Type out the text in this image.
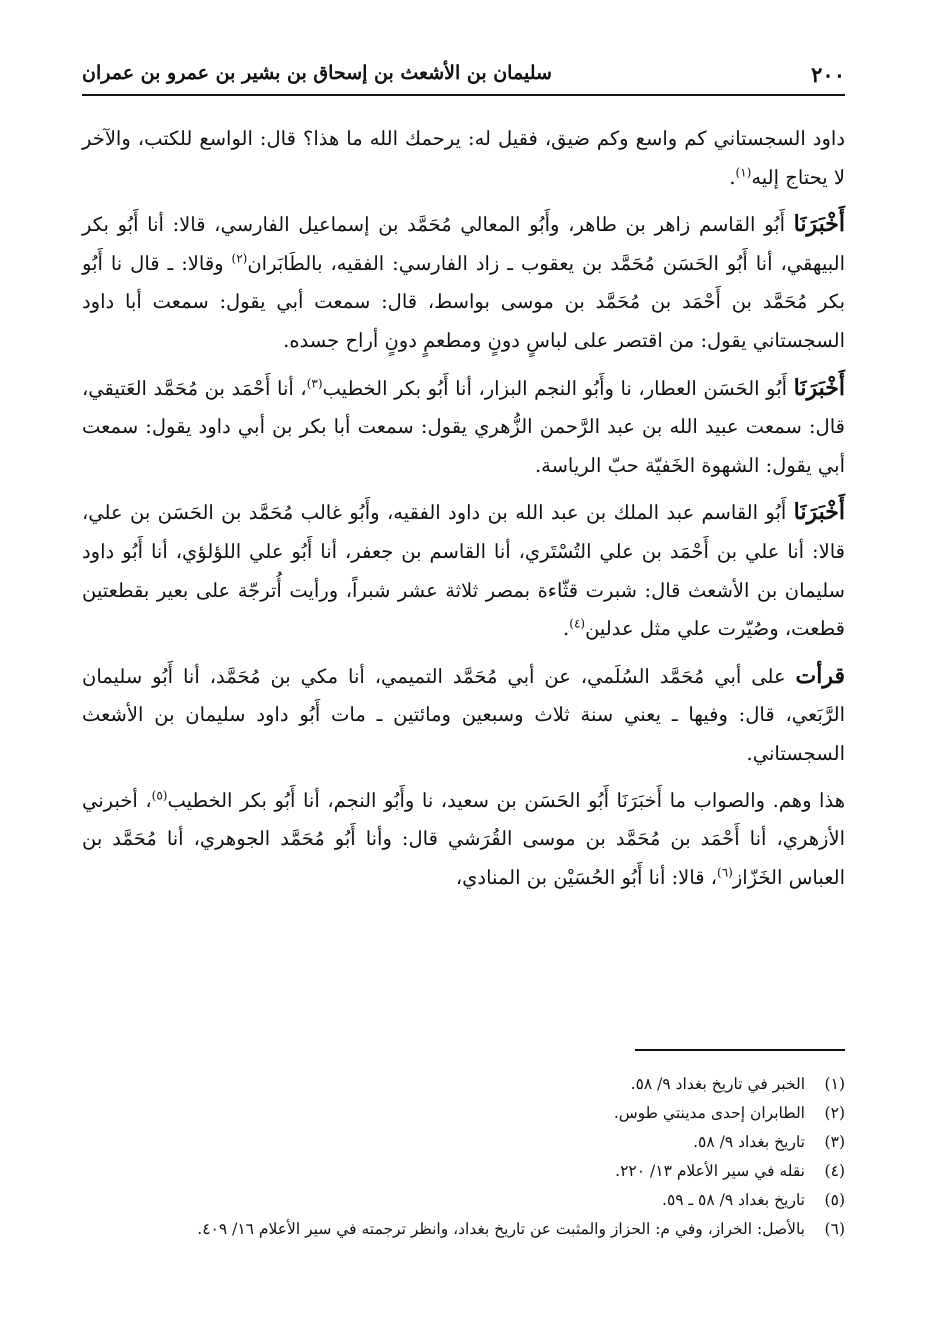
٢٠٠
سليمان بن الأشعث بن إسحاق بن بشير بن عمرو بن عمران

داود السجستاني كم واسع وكم ضيق، فقيل له: يرحمك الله ما هذا؟ قال: الواسع للكتب، والآخر لا يحتاج إليه$^{(١)}$.

أَخْبَرَنَا أَبُو القاسم زاهر بن طاهر، وأَبُو المعالي مُحَمَّد بن إسماعيل الفارسي، قالا: أنا أَبُو بكر البيهقي، أنا أَبُو الحَسَن مُحَمَّد بن يعقوب ـ زاد الفارسي: الفقيه، بالطَابَران$^{(٢)}$ وقالا: ـ قال نا أَبُو بكر مُحَمَّد بن أَحْمَد بن مُحَمَّد بن موسى بواسط، قال: سمعت أبي يقول: سمعت أبا داود السجستاني يقول: من اقتصر على لباسٍ دونٍ ومطعمٍ دونٍ أراح جسده.

أَخْبَرَنَا أَبُو الحَسَن العطار، نا وأَبُو النجم البزار، أنا أَبُو بكر الخطيب$^{(٣)}$، أنا أَحْمَد بن مُحَمَّد العَتيقي، قال: سمعت عبيد الله بن عبد الرَّحمن الزُّهري يقول: سمعت أبا بكر بن أبي داود يقول: سمعت أبي يقول: الشهوة الخَفيّة حبّ الرياسة.

أَخْبَرَنَا أَبُو القاسم عبد الملك بن عبد الله بن داود الفقيه، وأَبُو غالب مُحَمَّد بن الحَسَن بن علي، قالا: أنا علي بن أَحْمَد بن علي التُسْتَري، أنا القاسم بن جعفر، أنا أَبُو علي اللؤلؤي، أنا أَبُو داود سليمان بن الأشعث قال: شبرت قثّاءة بمصر ثلاثة عشر شبراً، ورأيت أُترجّة على بعير بقطعتين قطعت، وصُيّرت علي مثل عدلين$^{(٤)}$.

قرأت على أبي مُحَمَّد السُلَمي، عن أبي مُحَمَّد التميمي، أنا مكي بن مُحَمَّد، أنا أَبُو سليمان الرَّبَعي، قال: وفيها ـ يعني سنة ثلاث وسبعين ومائتين ـ مات أَبُو داود سليمان بن الأشعث السجستاني.

هذا وهم. والصواب ما أَخبَرَنَا أَبُو الحَسَن بن سعيد، نا وأَبُو النجم، أنا أَبُو بكر الخطيب$^{(٥)}$، أخبرني الأزهري، أنا أَحْمَد بن مُحَمَّد بن موسى القُرَشي قال: وأنا أَبُو مُحَمَّد الجوهري، أنا مُحَمَّد بن العباس الخَزّاز$^{(٦)}$، قالا: أنا أَبُو الحُسَيْن بن المنادي،

(١)الخبر في تاريخ بغداد ٩/ ٥٨.
(٢)الطابران إحدى مدينتي طوس.
(٣)تاريخ بغداد ٩/ ٥٨.
(٤)نقله في سير الأعلام ١٣/ ٢٢٠.
(٥)تاريخ بغداد ٩/ ٥٨ ـ ٥٩.
(٦)بالأصل: الخراز، وفي م: الحزاز والمثبت عن تاريخ بغداد، وانظر ترجمته في سير الأعلام ١٦/ ٤٠٩.
